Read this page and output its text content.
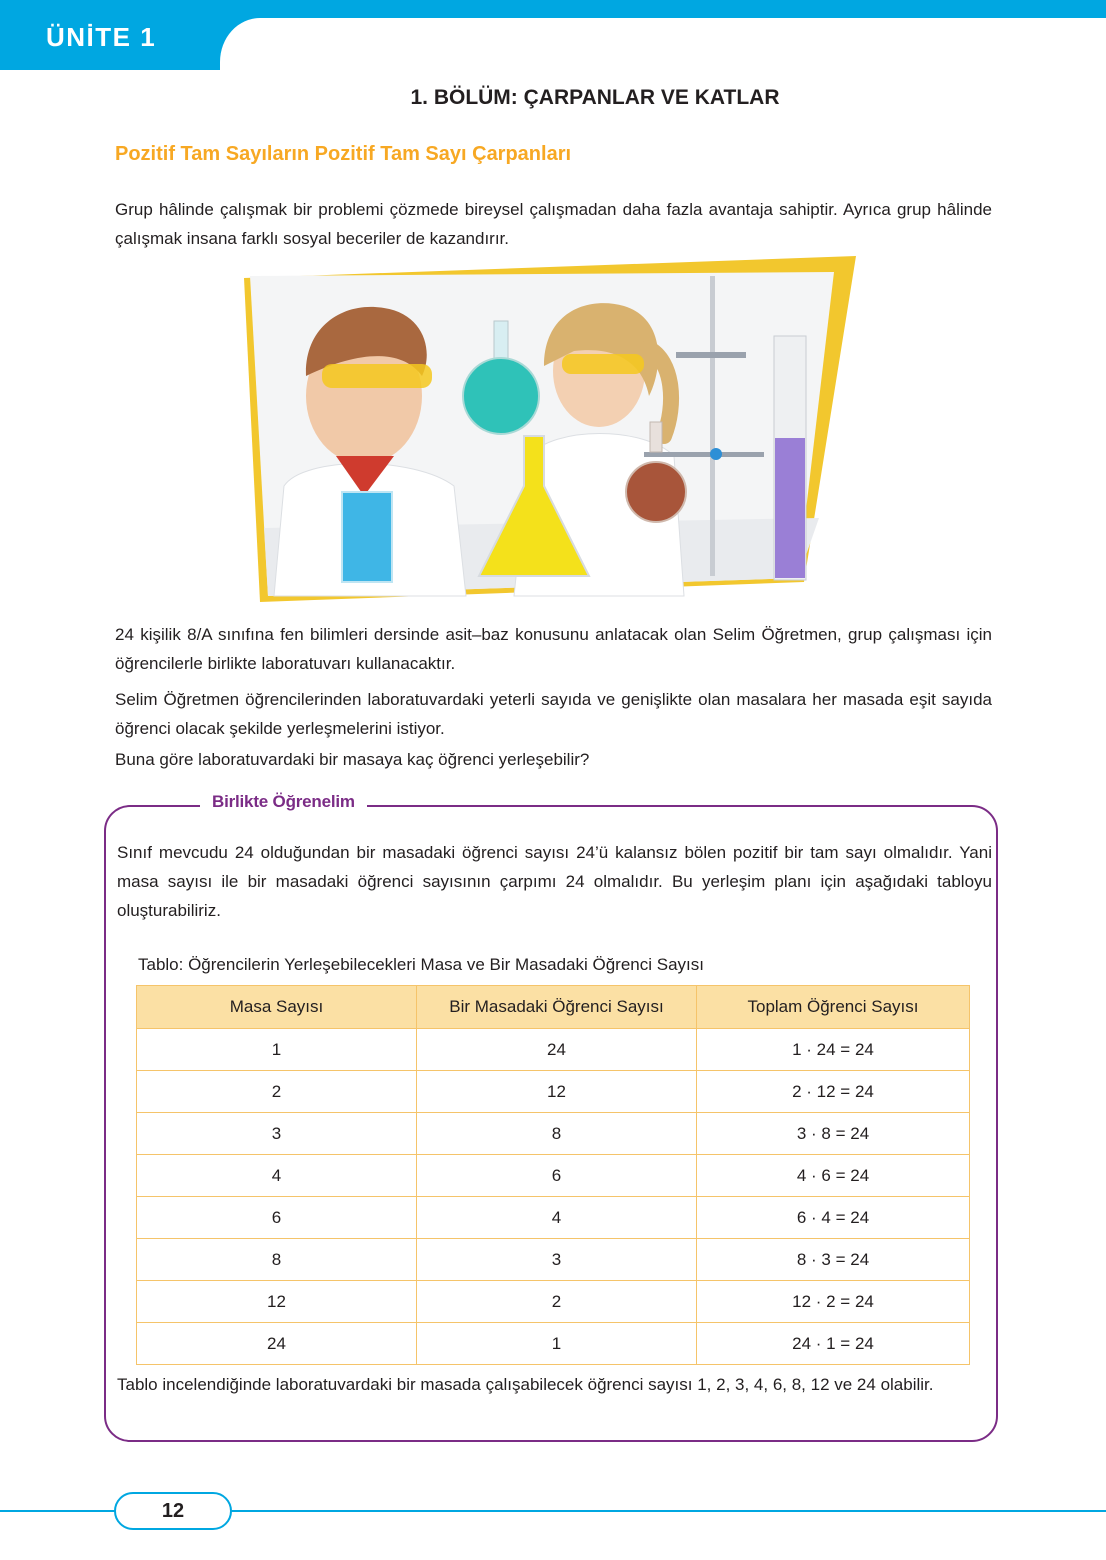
ÜNİTE 1
1. BÖLÜM: ÇARPANLAR VE KATLAR
Pozitif Tam Sayıların Pozitif Tam Sayı Çarpanları

Grup hâlinde çalışmak bir problemi çözmede bireysel çalışmadan daha fazla avantaja sahiptir. Ayrıca grup hâlinde çalışmak insana farklı sosyal beceriler de kazandırır.

24 kişilik 8/A sınıfına fen bilimleri dersinde asit–baz konusunu anlatacak olan Selim Öğretmen, grup çalışması için öğrencilerle birlikte laboratuvarı kullanacaktır.

Selim Öğretmen öğrencilerinden laboratuvardaki yeterli sayıda ve genişlikte olan masalara her masada eşit sayıda öğrenci olacak şekilde yerleşmelerini istiyor.

Buna göre laboratuvardaki bir masaya kaç öğrenci yerleşebilir?

Birlikte Öğrenelim

Sınıf mevcudu 24 olduğundan bir masadaki öğrenci sayısı 24’ü kalansız bölen pozitif bir tam sayı olmalıdır. Yani masa sayısı ile bir masadaki öğrenci sayısının çarpımı 24 olmalıdır. Bu yerleşim planı için aşağıdaki tabloyu oluşturabiliriz.

Tablo: Öğrencilerin Yerleşebilecekleri Masa ve Bir Masadaki Öğrenci Sayısı
Masa Sayısı	Bir Masadaki Öğrenci Sayısı	Toplam Öğrenci Sayısı
1	24	1 · 24 = 24
2	12	2 · 12 = 24
3	8	3 · 8 = 24
4	6	4 · 6 = 24
6	4	6 · 4 = 24
8	3	8 · 3 = 24
12	2	12 · 2 = 24
24	1	24 · 1 = 24

Tablo incelendiğinde laboratuvardaki bir masada çalışabilecek öğrenci sayısı 1, 2, 3, 4, 6, 8, 12 ve 24 olabilir.

12
